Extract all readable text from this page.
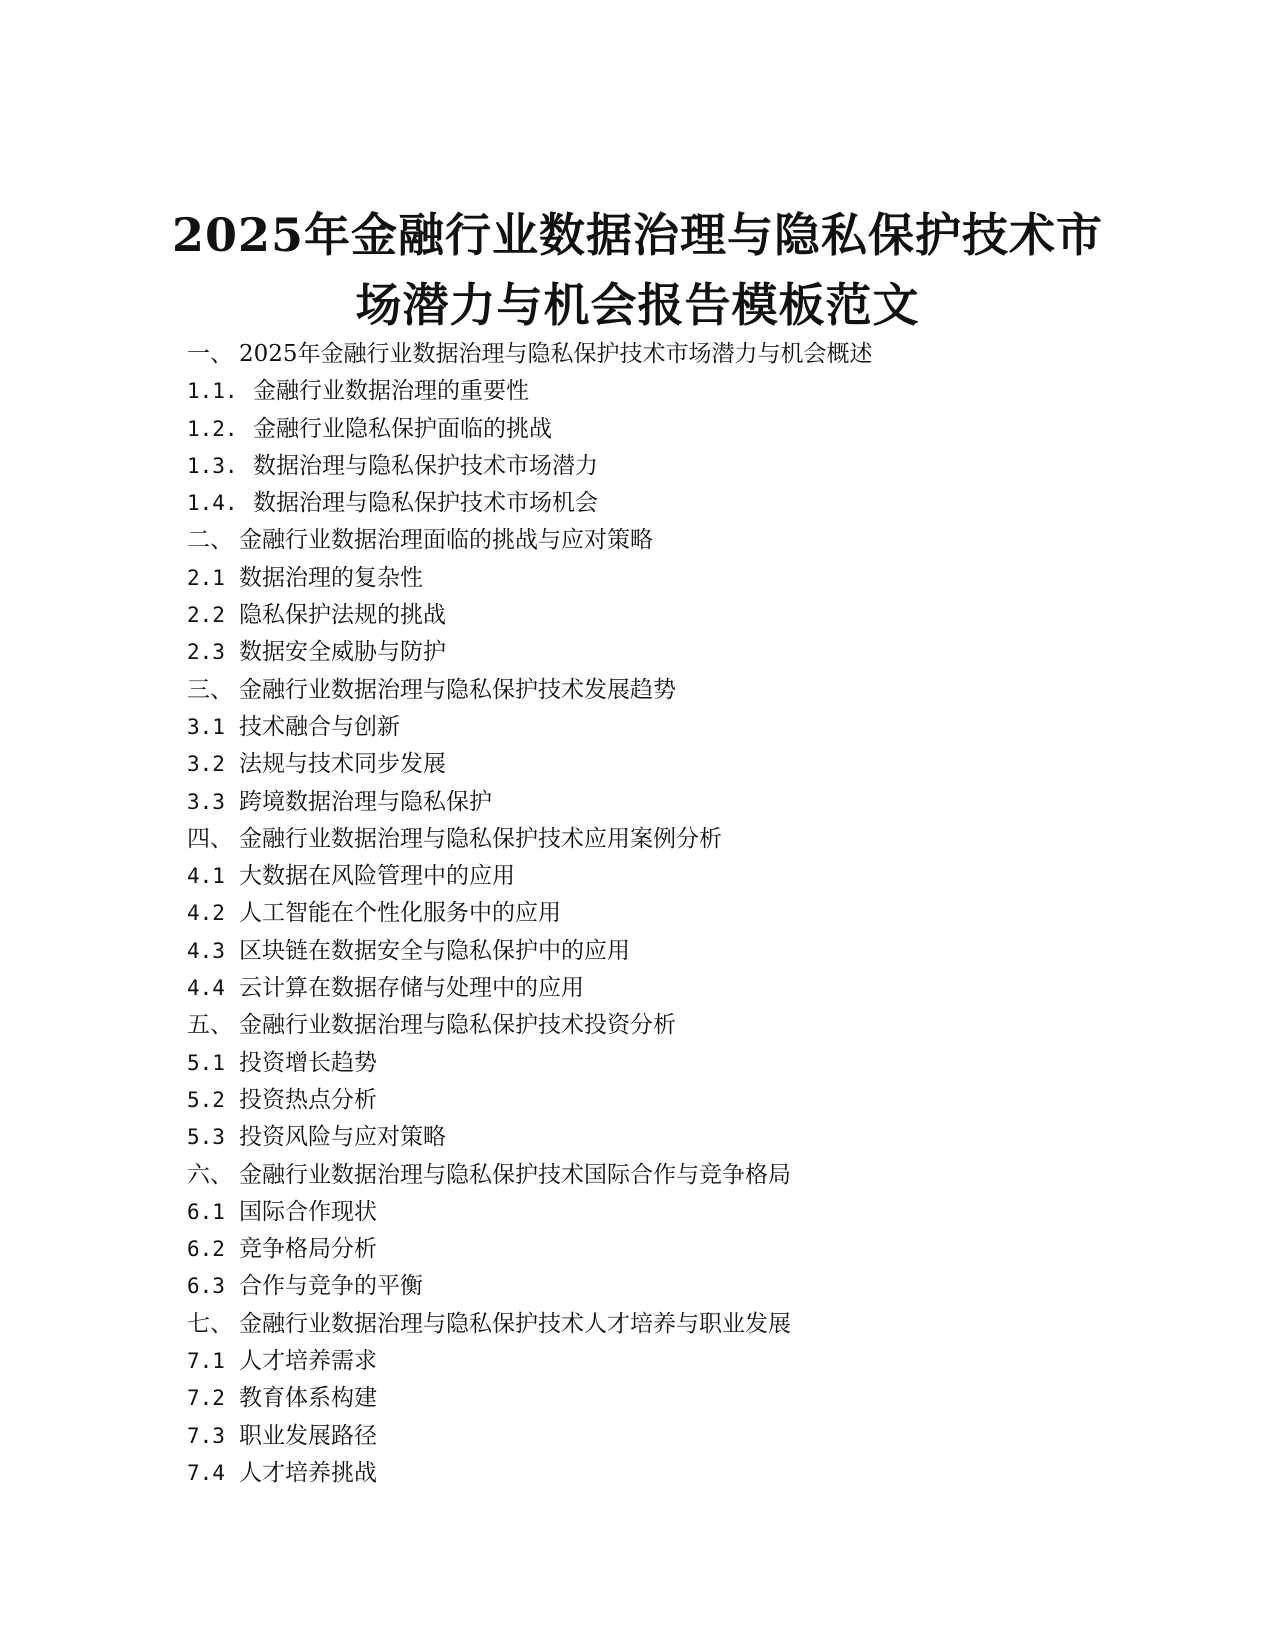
2025年金融行业数据治理与隐私保护技术市
场潜力与机会报告模板范文
一、 2025年金融行业数据治理与隐私保护技术市场潜力与机会概述
1.1. 金融行业数据治理的重要性
1.2. 金融行业隐私保护面临的挑战
1.3. 数据治理与隐私保护技术市场潜力
1.4. 数据治理与隐私保护技术市场机会
二、 金融行业数据治理面临的挑战与应对策略
2.1 数据治理的复杂性
2.2 隐私保护法规的挑战
2.3 数据安全威胁与防护
三、 金融行业数据治理与隐私保护技术发展趋势
3.1 技术融合与创新
3.2 法规与技术同步发展
3.3 跨境数据治理与隐私保护
四、 金融行业数据治理与隐私保护技术应用案例分析
4.1 大数据在风险管理中的应用
4.2 人工智能在个性化服务中的应用
4.3 区块链在数据安全与隐私保护中的应用
4.4 云计算在数据存储与处理中的应用
五、 金融行业数据治理与隐私保护技术投资分析
5.1 投资增长趋势
5.2 投资热点分析
5.3 投资风险与应对策略
六、 金融行业数据治理与隐私保护技术国际合作与竞争格局
6.1 国际合作现状
6.2 竞争格局分析
6.3 合作与竞争的平衡
七、 金融行业数据治理与隐私保护技术人才培养与职业发展
7.1 人才培养需求
7.2 教育体系构建
7.3 职业发展路径
7.4 人才培养挑战
